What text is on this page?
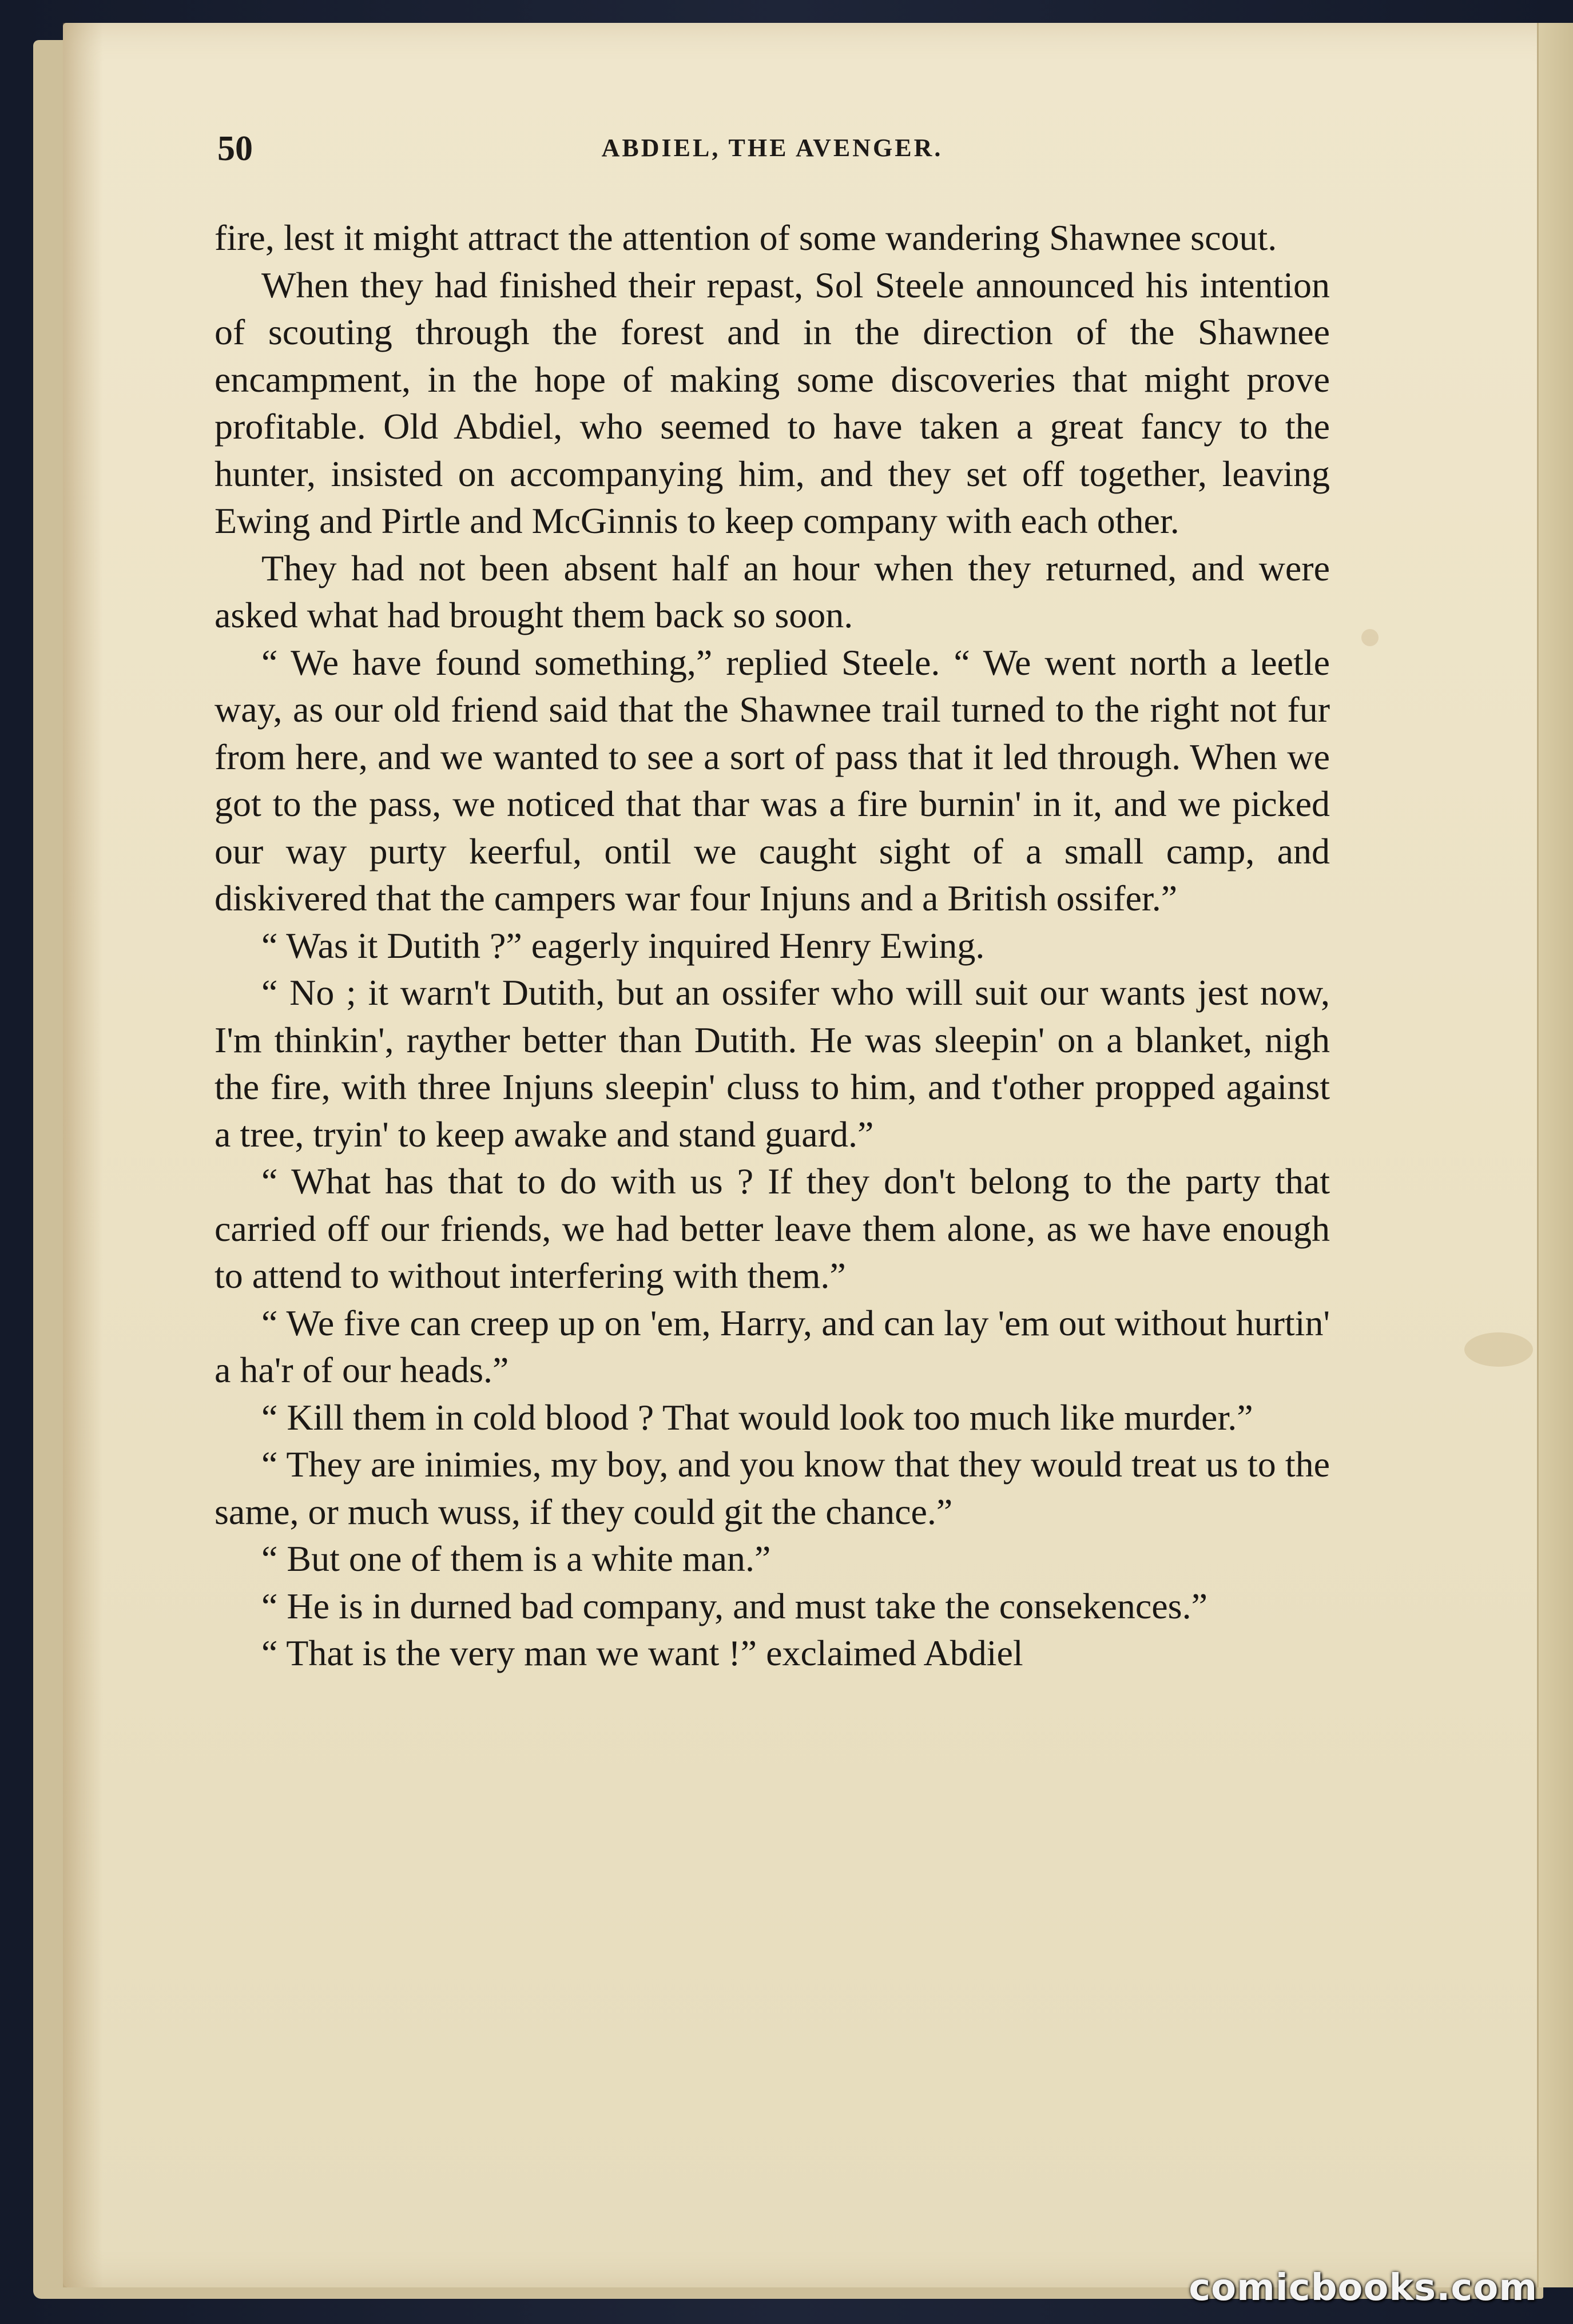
50	ABDIEL, THE AVENGER.

fire, lest it might attract the attention of some wandering Shawnee scout.

When they had finished their repast, Sol Steele announced his intention of scouting through the forest and in the direction of the Shawnee encampment, in the hope of making some discoveries that might prove profitable. Old Abdiel, who seemed to have taken a great fancy to the hunter, insisted on accompanying him, and they set off together, leaving Ewing and Pirtle and McGinnis to keep company with each other.

They had not been absent half an hour when they returned, and were asked what had brought them back so soon.

“ We have found something,” replied Steele. “ We went north a leetle way, as our old friend said that the Shawnee trail turned to the right not fur from here, and we wanted to see a sort of pass that it led through. When we got to the pass, we noticed that thar was a fire burnin' in it, and we picked our way purty keerful, ontil we caught sight of a small camp, and diskivered that the campers war four Injuns and a British ossifer.”

“ Was it Dutith ?” eagerly inquired Henry Ewing.

“ No ; it warn't Dutith, but an ossifer who will suit our wants jest now, I'm thinkin', rayther better than Dutith. He was sleepin' on a blanket, nigh the fire, with three Injuns sleepin' cluss to him, and t'other propped against a tree, tryin' to keep awake and stand guard.”

“ What has that to do with us ? If they don't belong to the party that carried off our friends, we had better leave them alone, as we have enough to attend to without interfering with them.”

“ We five can creep up on 'em, Harry, and can lay 'em out without hurtin' a ha'r of our heads.”

“ Kill them in cold blood ? That would look too much like murder.”

“ They are inimies, my boy, and you know that they would treat us to the same, or much wuss, if they could git the chance.”

“ But one of them is a white man.”

“ He is in durned bad company, and must take the consekences.”

“ That is the very man we want !” exclaimed Abdiel

comicbooks.com
